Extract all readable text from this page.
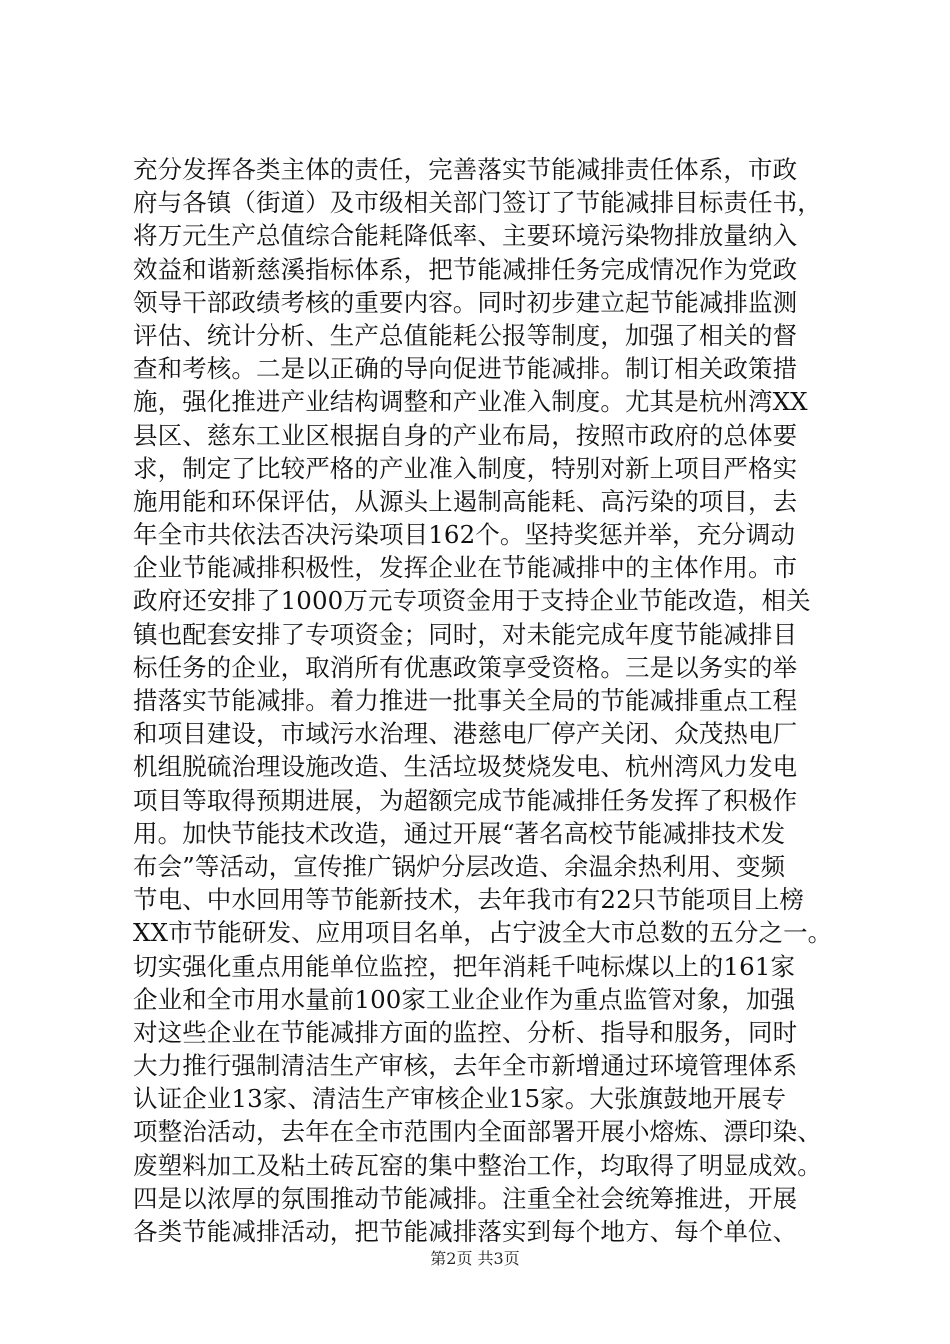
充分发挥各类主体的责任，完善落实节能减排责任体系，市政
府与各镇（街道）及市级相关部门签订了节能减排目标责任书，
将万元生产总值综合能耗降低率、主要环境污染物排放量纳入
效益和谐新慈溪指标体系，把节能减排任务完成情况作为党政
领导干部政绩考核的重要内容。同时初步建立起节能减排监测
评估、统计分析、生产总值能耗公报等制度，加强了相关的督
查和考核。二是以正确的导向促进节能减排。制订相关政策措
施，强化推进产业结构调整和产业准入制度。尤其是杭州湾XX
县区、慈东工业区根据自身的产业布局，按照市政府的总体要
求，制定了比较严格的产业准入制度，特别对新上项目严格实
施用能和环保评估，从源头上遏制高能耗、高污染的项目，去
年全市共依法否决污染项目162个。坚持奖惩并举，充分调动
企业节能减排积极性，发挥企业在节能减排中的主体作用。市
政府还安排了1000万元专项资金用于支持企业节能改造，相关
镇也配套安排了专项资金；同时，对未能完成年度节能减排目
标任务的企业，取消所有优惠政策享受资格。三是以务实的举
措落实节能减排。着力推进一批事关全局的节能减排重点工程
和项目建设，市域污水治理、港慈电厂停产关闭、众茂热电厂
机组脱硫治理设施改造、生活垃圾焚烧发电、杭州湾风力发电
项目等取得预期进展，为超额完成节能减排任务发挥了积极作
用。加快节能技术改造，通过开展“著名高校节能减排技术发
布会”等活动，宣传推广锅炉分层改造、余温余热利用、变频
节电、中水回用等节能新技术，去年我市有22只节能项目上榜
XX市节能研发、应用项目名单，占宁波全大市总数的五分之一。
切实强化重点用能单位监控，把年消耗千吨标煤以上的161家
企业和全市用水量前100家工业企业作为重点监管对象，加强
对这些企业在节能减排方面的监控、分析、指导和服务，同时
大力推行强制清洁生产审核，去年全市新增通过环境管理体系
认证企业13家、清洁生产审核企业15家。大张旗鼓地开展专
项整治活动，去年在全市范围内全面部署开展小熔炼、漂印染、
废塑料加工及粘土砖瓦窑的集中整治工作，均取得了明显成效。
四是以浓厚的氛围推动节能减排。注重全社会统筹推进，开展
各类节能减排活动，把节能减排落实到每个地方、每个单位、
第2页 共3页
